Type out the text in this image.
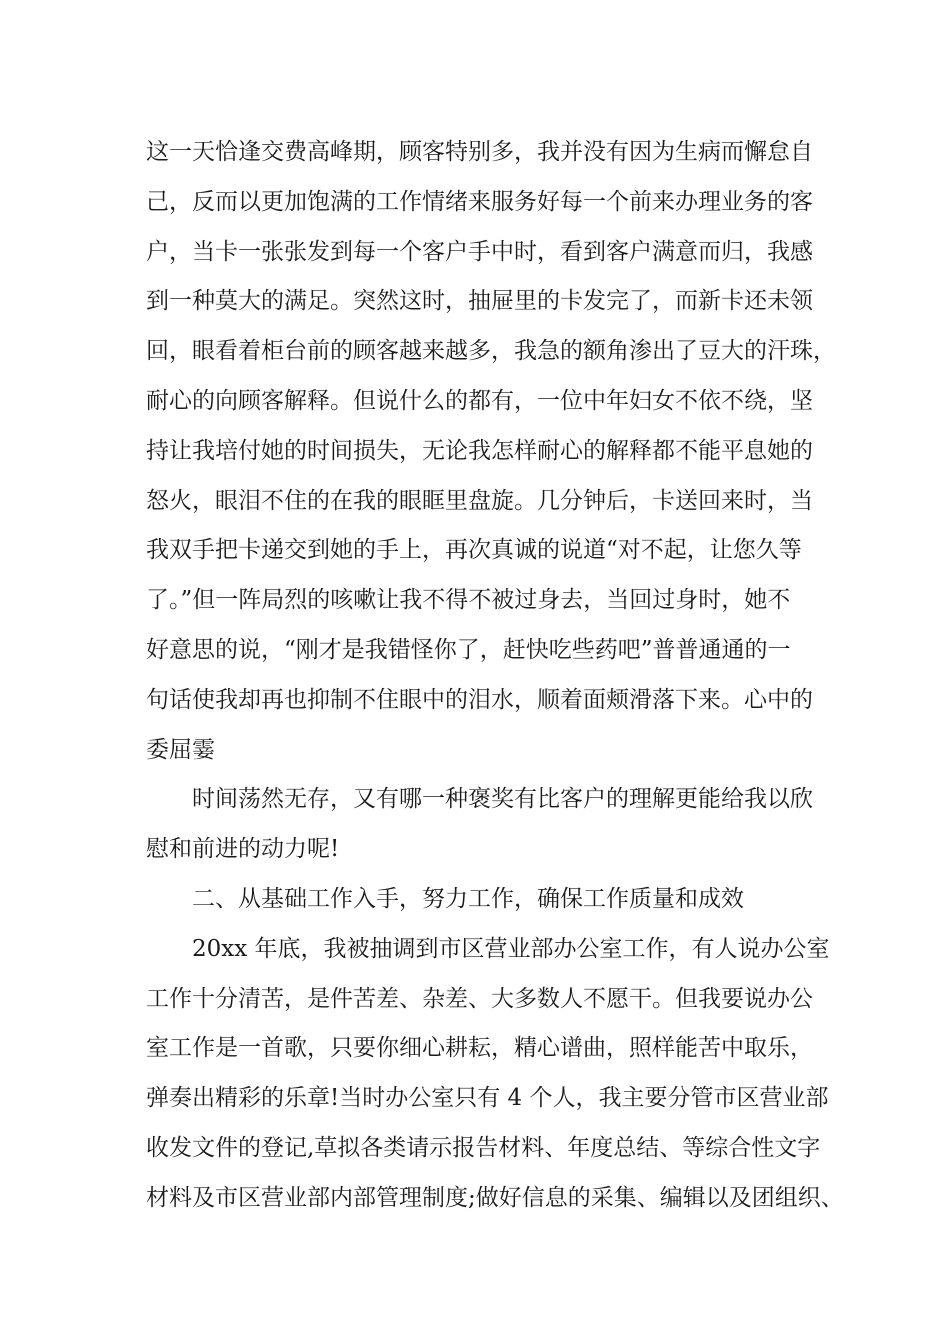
这一天恰逢交费高峰期，顾客特别多，我并没有因为生病而懈怠自
己，反而以更加饱满的工作情绪来服务好每一个前来办理业务的客
户，当卡一张张发到每一个客户手中时，看到客户满意而归，我感
到一种莫大的满足。突然这时，抽屉里的卡发完了，而新卡还未领
回，眼看着柜台前的顾客越来越多，我急的额角渗出了豆大的汗珠，
耐心的向顾客解释。但说什么的都有，一位中年妇女不依不绕，坚
持让我培付她的时间损失，无论我怎样耐心的解释都不能平息她的
怒火，眼泪不住的在我的眼眶里盘旋。几分钟后，卡送回来时，当
我双手把卡递交到她的手上，再次真诚的说道“对不起，让您久等
了。”但一阵局烈的咳嗽让我不得不被过身去，当回过身时，她不
好意思的说，“刚才是我错怪你了，赶快吃些药吧”普普通通的一
句话使我却再也抑制不住眼中的泪水，顺着面颊滑落下来。心中的
委屈霎
时间荡然无存，又有哪一种褒奖有比客户的理解更能给我以欣
慰和前进的动力呢!
二、从基础工作入手，努力工作，确保工作质量和成效
20xx 年底，我被抽调到市区营业部办公室工作，有人说办公室
工作十分清苦，是件苦差、杂差、大多数人不愿干。但我要说办公
室工作是一首歌，只要你细心耕耘，精心谱曲，照样能苦中取乐，
弹奏出精彩的乐章!当时办公室只有 4 个人，我主要分管市区营业部
收发文件的登记,草拟各类请示报告材料、年度总结、等综合性文字
材料及市区营业部内部管理制度;做好信息的采集、编辑以及团组织、
